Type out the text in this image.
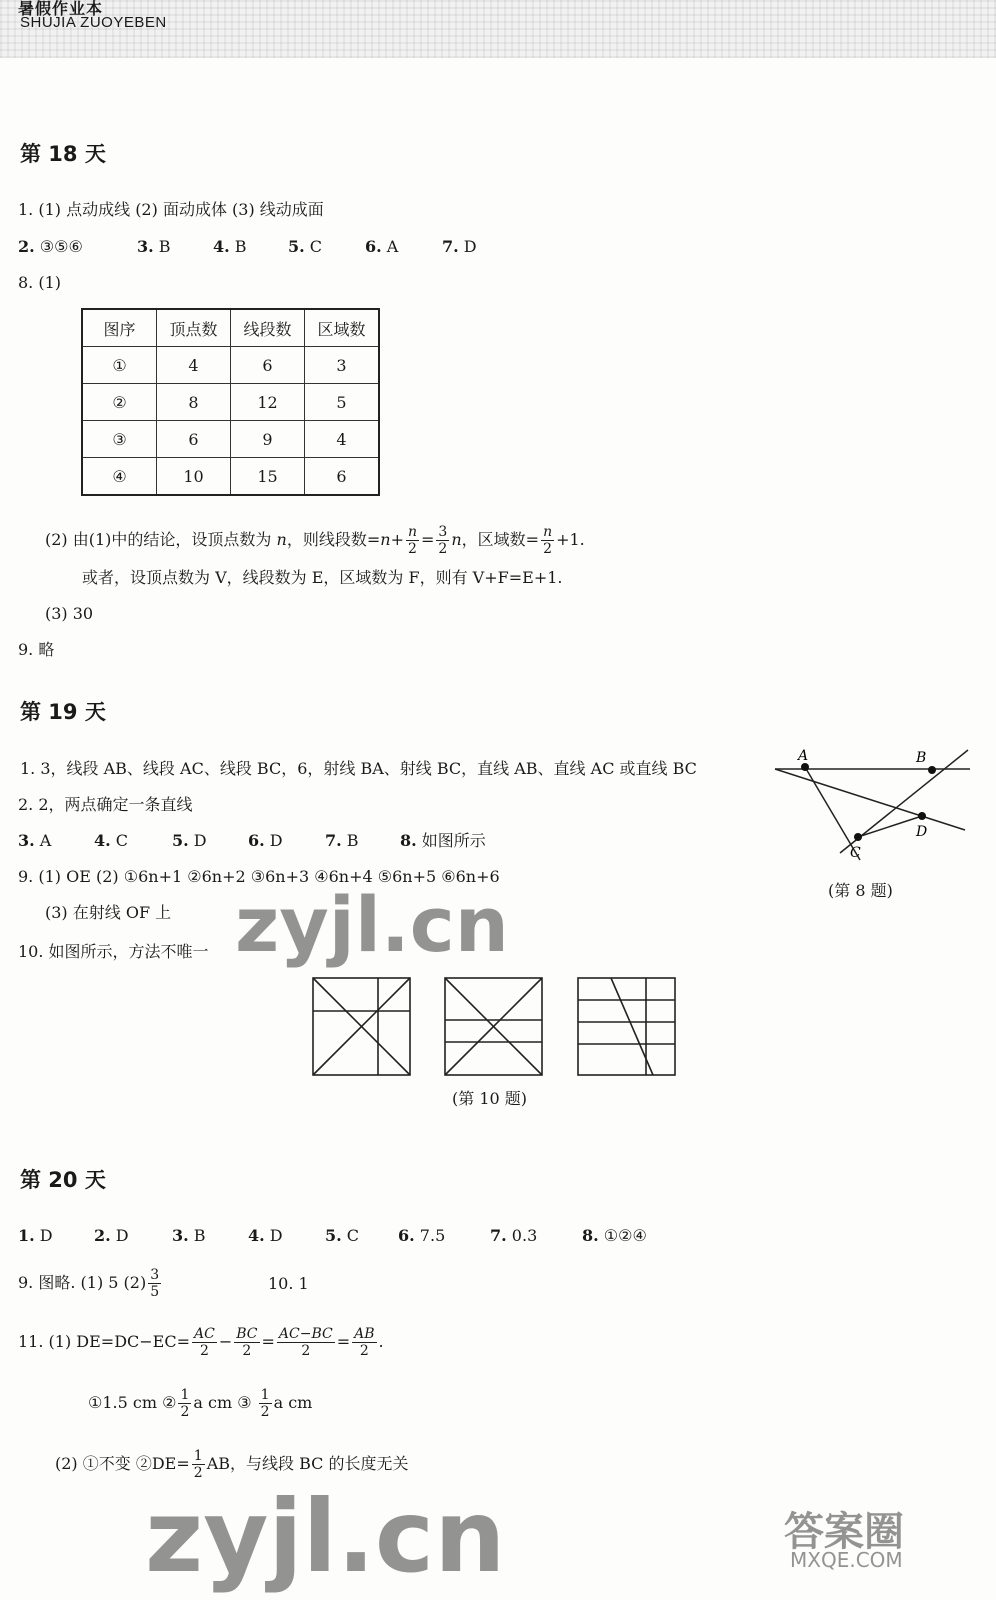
暑假作业本
SHUJIA ZUOYEBEN
第 18 天
1. (1) 点动成线 (2) 面动成体 (3) 线动成面
2. ③⑤⑥	3. B	4. B	5. C	6. A	7. D
8. (1)
图序	顶点数	线段数	区域数
①	4	6	3
②	8	12	5
③	6	9	4
④	10	15	6
(2) 由(1)中的结论，设顶点数为 n，则线段数$=n+ \frac{n}{2} = \frac{3}{2}$ n，区域数= $\frac{n}{2} +1$.
或者，设顶点数为 V，线段数为 E，区域数为 F，则有 V+F=E+1.
(3) 30
9. 略
第 19 天
1. 3，线段 AB、线段 AC、线段 BC，6，射线 BA、射线 BC，直线 AB、直线 AC 或直线 BC
2. 2，两点确定一条直线
3. A	4. C	5. D	6. D	7. B	8. 如图所示
9. (1) OE (2) ①6n+1 ②6n+2 ③6n+3 ④6n+4 ⑤6n+5 ⑥6n+6
(3) 在射线 OF 上
10. 如图所示，方法不唯一
A	B
C
D
(第 8 题)
(第 10 题)
第 20 天
1. D	2. D	3. B	4. D	5. C 6. 7.5	7. 0.3	8. ①②④
9. 图略. (1) 5 $(2) \frac{3}{5}$	10. 1
11. (1) $DE=DC-EC= \frac{AC}{2} - \frac{BC}{2} = \frac{AC-BC}{2} = \frac{AB}{2}$ .
①1.5 cm ② $\frac{1}{2}$ a cm ③ $\frac{1}{2}$ a cm
(2) ①不变 ②DE= $\frac{1}{2}$ AB，与线段 BC 的长度无关
zyjl.cn
zyjl.cn	答案圈
MXQE.COM
